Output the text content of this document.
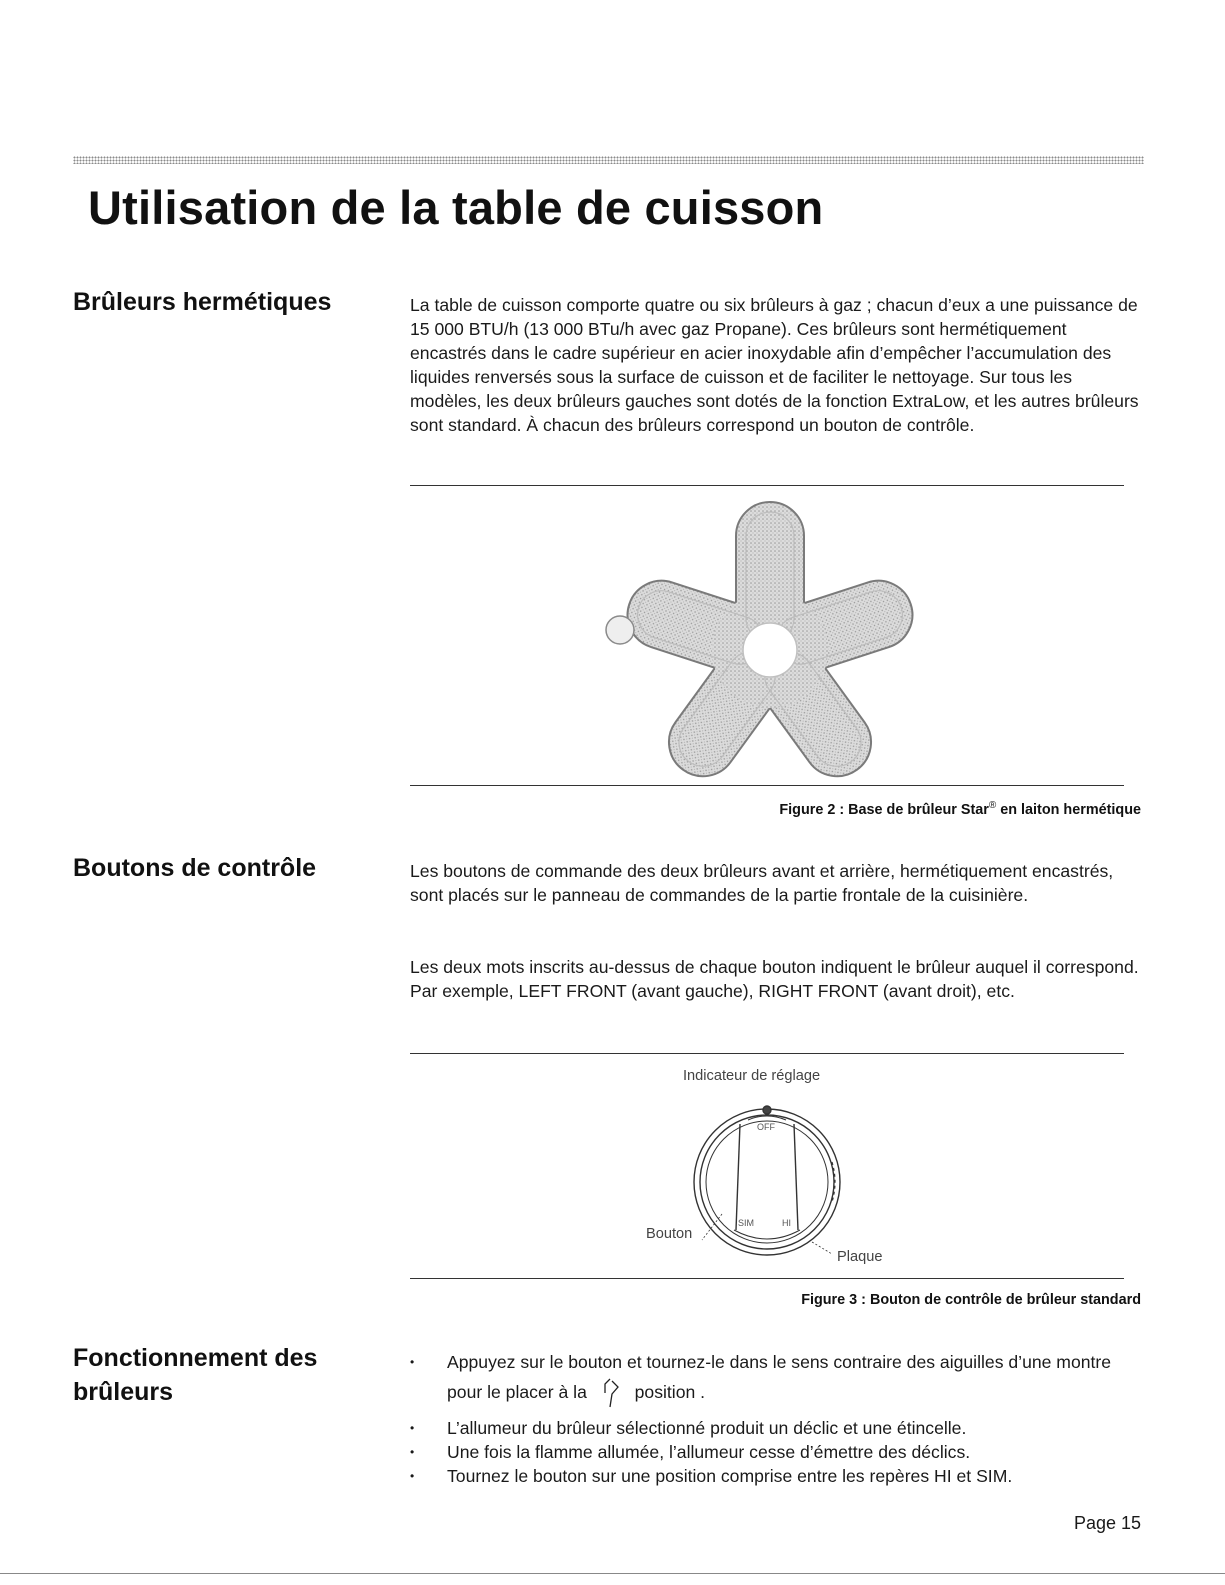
Utilisation de la table de cuisson
Brûleurs hermétiques	La table de cuisson comporte quatre ou six brûleurs à gaz ; chacun d’eux a une puissance de 15 000 BTU/h (13 000 BTu/h avec gaz Propane). Ces brûleurs sont hermétiquement encastrés dans le cadre supérieur en acier inoxydable afin d’empêcher l’accumulation des liquides renversés sous la surface de cuisson et de faciliter le nettoyage. Sur tous les modèles, les deux brûleurs gauches sont dotés de la fonction ExtraLow, et les autres brûleurs sont standard. À chacun des brûleurs correspond un bouton de contrôle.

Figure 2 : Base de brûleur Star® en laiton hermétique

Boutons de contrôle	Les boutons de commande des deux brûleurs avant et arrière, hermétiquement encastrés, sont placés sur le panneau de commandes de la partie frontale de la cuisinière.

Les deux mots inscrits au-dessus de chaque bouton indiquent le brûleur auquel il correspond. Par exemple, LEFT FRONT (avant gauche), RIGHT FRONT (avant droit), etc.

Indicateur de réglage
OFF
SIM	HI
Bouton
Plaque

Figure 3 : Bouton de contrôle de brûleur standard

Fonctionnement des
brûleurs
• Appuyez sur le bouton et tournez-le dans le sens contraire des aiguilles d’une montre pour le placer à la	position .
• L’allumeur du brûleur sélectionné produit un déclic et une étincelle.
• Une fois la flamme allumée, l’allumeur cesse d’émettre des déclics.
• Tournez le bouton sur une position comprise entre les repères HI et SIM.
Page 15
